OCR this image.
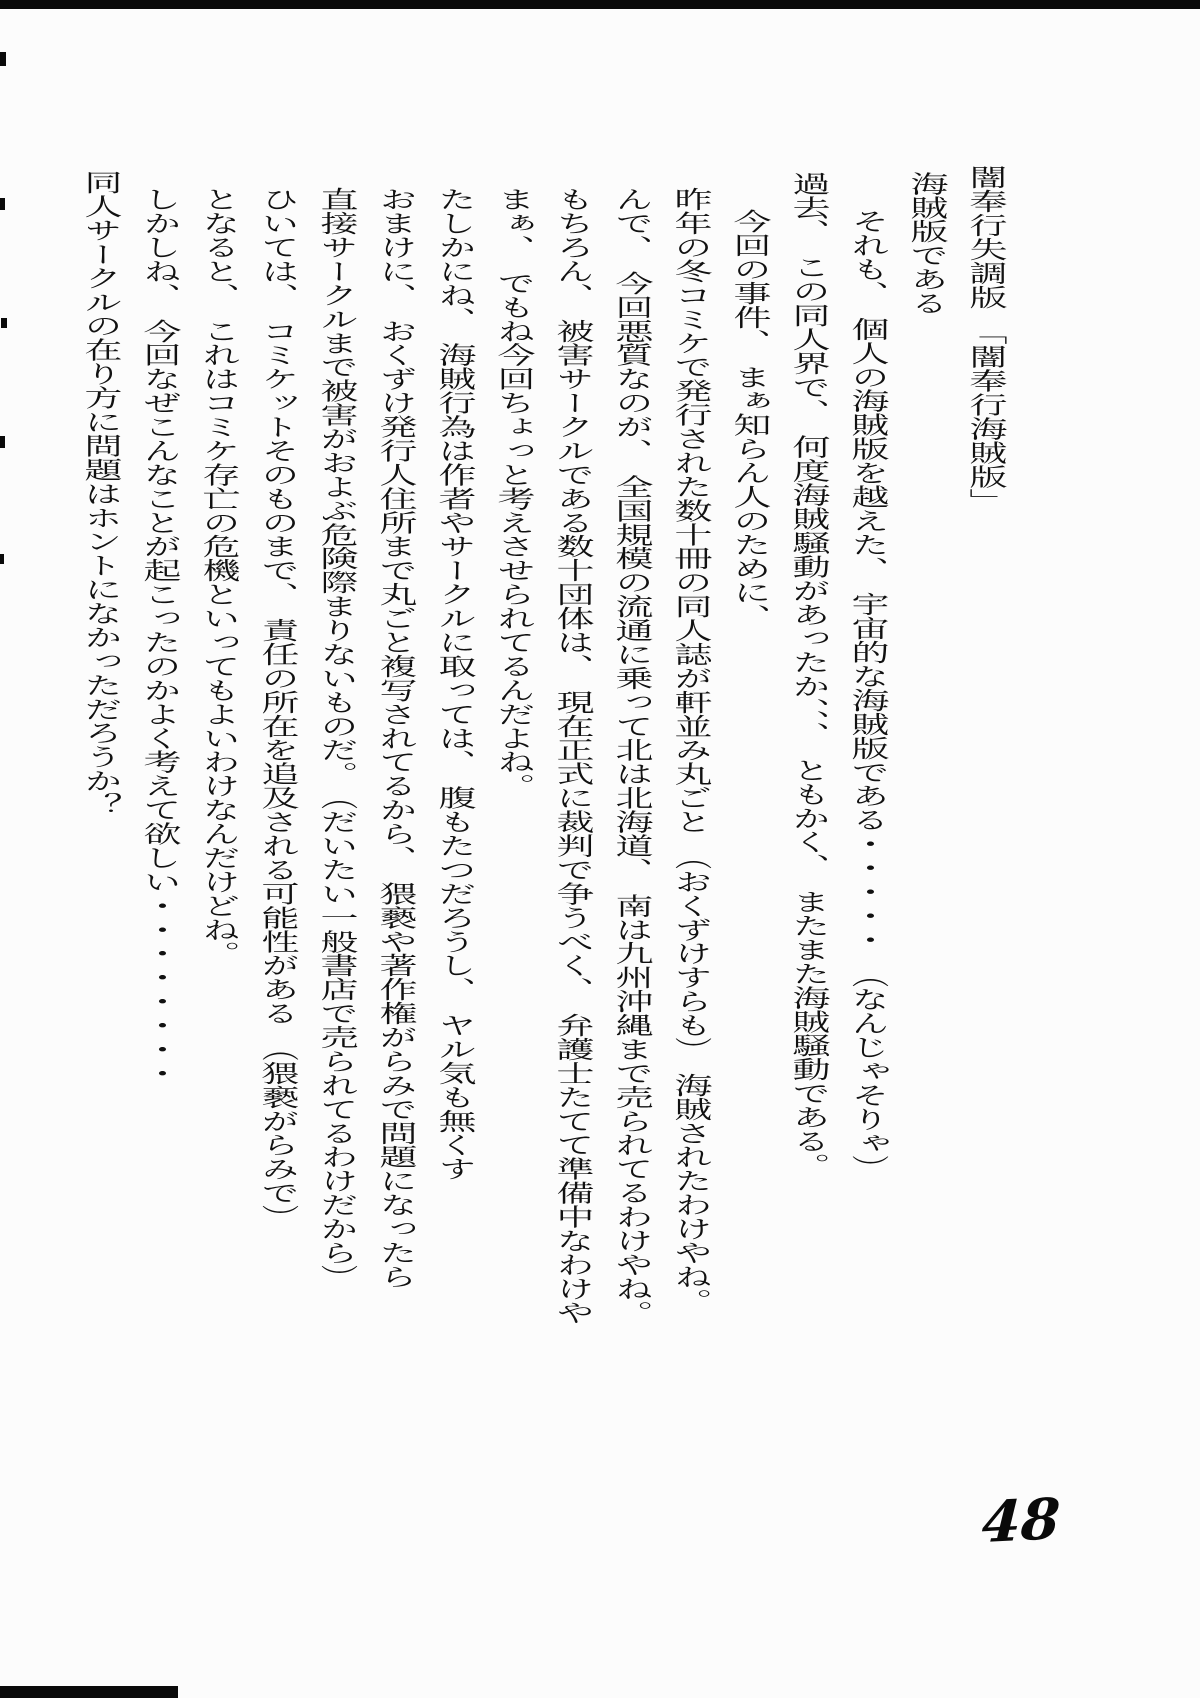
闇奉行失調版　「闇奉行海賊版」
海賊版である
それも、　個人の海賊版を越えた、　宇宙的な海賊版である・・・・・　（なんじゃそりゃ）
過去、　この同人界で、　何度海賊騒動があったか、、、　ともかく、　またまた海賊騒動である。
今回の事件、　まぁ知らん人のために、
昨年の冬コミケで発行された数十冊の同人誌が軒並み丸ごと　（おくずけすらも）　海賊されたわけやね。
んで、　今回悪質なのが、　全国規模の流通に乗って北は北海道、　南は九州沖縄まで売られてるわけやね。
もちろん、　被害サークルである数十団体は、　現在正式に裁判で争うべく、　弁護士たてて準備中なわけや
まぁ、　でもね今回ちょっと考えさせられてるんだよね。
たしかにね、　海賊行為は作者やサークルに取っては、　腹もたつだろうし、　ヤル気も無くす
おまけに、　おくずけ発行人住所まで丸ごと複写されてるから、　猥褻や著作権がらみで問題になったら
直接サークルまで被害がおよぶ危険際まりないものだ。　（だいたい一般書店で売られてるわけだから）
ひいては、　コミケットそのものまで、　責任の所在を追及される可能性がある　（猥褻がらみで）
となると、　これはコミケ存亡の危機といってもよいわけなんだけどね。
しかしね、　今回なぜこんなことが起こったのかよく考えて欲しい・・・・・・・・
同人サークルの在り方に問題はホントになかっただろうか？
48
